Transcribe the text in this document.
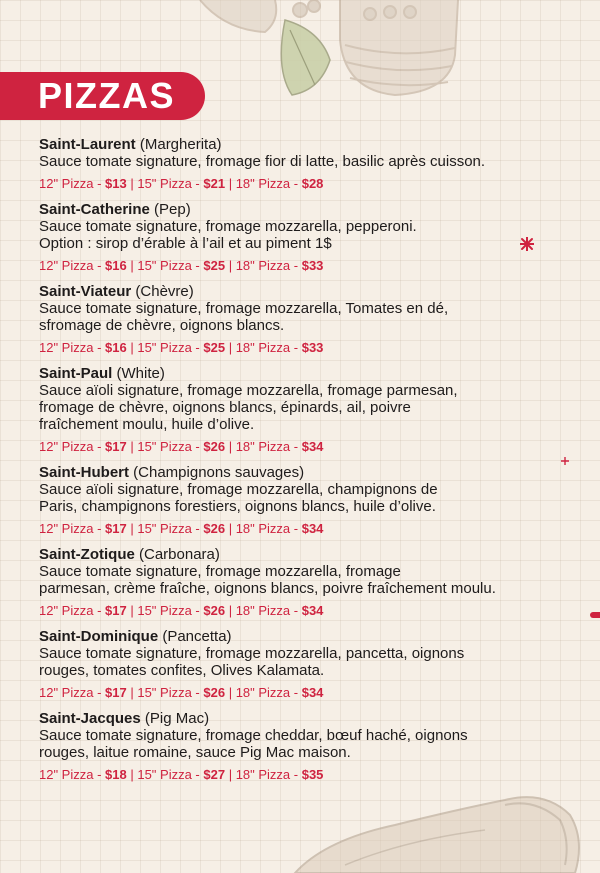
PIZZAS
Saint-Laurent (Margherita)
Sauce tomate signature, fromage fior di latte, basilic après cuisson.
12" Pizza - $13 | 15" Pizza - $21 | 18" Pizza - $28
Saint-Catherine (Pep)
Sauce tomate signature, fromage mozzarella, pepperoni.
Option : sirop d’érable à l’ail et au piment 1$
12" Pizza - $16 | 15" Pizza - $25 | 18" Pizza - $33
Saint-Viateur (Chèvre)
Sauce tomate signature, fromage mozzarella, Tomates en dé,
sfromage de chèvre, oignons blancs.
12" Pizza - $16 | 15" Pizza - $25 | 18" Pizza - $33
Saint-Paul (White)
Sauce aïoli signature, fromage mozzarella, fromage parmesan,
fromage de chèvre, oignons blancs, épinards, ail, poivre
fraîchement moulu, huile d’olive.
12" Pizza - $17 | 15" Pizza - $26 | 18" Pizza - $34
Saint-Hubert (Champignons sauvages)
Sauce aïoli signature, fromage mozzarella, champignons de
Paris, champignons forestiers, oignons blancs, huile d’olive.
12" Pizza - $17 | 15" Pizza - $26 | 18" Pizza - $34
Saint-Zotique (Carbonara)
Sauce tomate signature, fromage mozzarella, fromage
parmesan, crème fraîche, oignons blancs, poivre fraîchement moulu.
12" Pizza - $17 | 15" Pizza - $26 | 18" Pizza - $34
Saint-Dominique (Pancetta)
Sauce tomate signature, fromage mozzarella, pancetta, oignons
rouges, tomates confites, Olives Kalamata.
12" Pizza - $17 | 15" Pizza - $26 | 18" Pizza - $34
Saint-Jacques (Pig Mac)
Sauce tomate signature, fromage cheddar, bœuf haché, oignons
rouges, laitue romaine, sauce Pig Mac maison.
12" Pizza - $18 | 15" Pizza - $27 | 18" Pizza - $35
